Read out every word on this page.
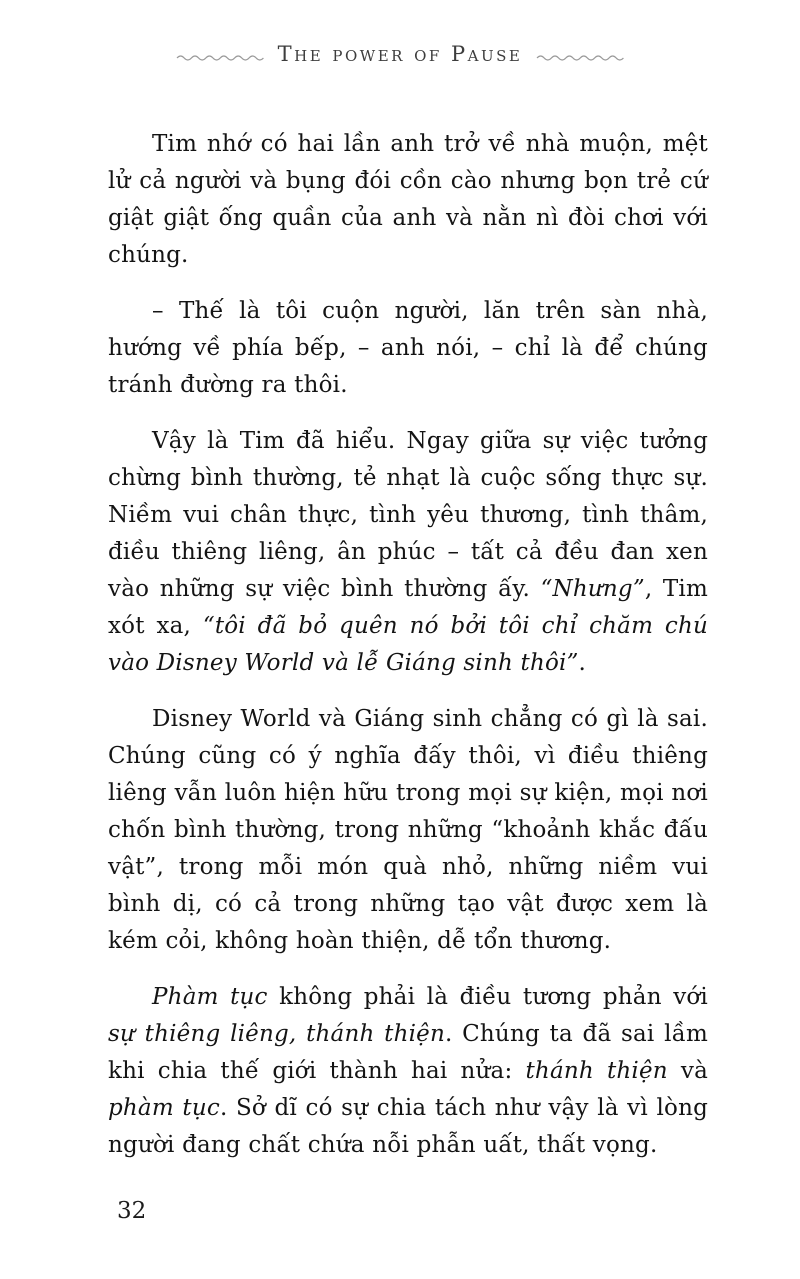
The power of Pause

Tim nhớ có hai lần anh trở về nhà muộn, mệt lử cả người và bụng đói cồn cào nhưng bọn trẻ cứ giật giật ống quần của anh và nằn nì đòi chơi với chúng.

– Thế là tôi cuộn người, lăn trên sàn nhà, hướng về phía bếp, – anh nói, – chỉ là để chúng tránh đường ra thôi.

Vậy là Tim đã hiểu. Ngay giữa sự việc tưởng chừng bình thường, tẻ nhạt là cuộc sống thực sự. Niềm vui chân thực, tình yêu thương, tình thâm, điều thiêng liêng, ân phúc – tất cả đều đan xen vào những sự việc bình thường ấy. “Nhưng”, Tim xót xa, “tôi đã bỏ quên nó bởi tôi chỉ chăm chú vào Disney World và lễ Giáng sinh thôi”.

Disney World và Giáng sinh chẳng có gì là sai. Chúng cũng có ý nghĩa đấy thôi, vì điều thiêng liêng vẫn luôn hiện hữu trong mọi sự kiện, mọi nơi chốn bình thường, trong những “khoảnh khắc đấu vật”, trong mỗi món quà nhỏ, những niềm vui bình dị, có cả trong những tạo vật được xem là kém cỏi, không hoàn thiện, dễ tổn thương.

Phàm tục không phải là điều tương phản với sự thiêng liêng, thánh thiện. Chúng ta đã sai lầm khi chia thế giới thành hai nửa: thánh thiện và phàm tục. Sở dĩ có sự chia tách như vậy là vì lòng người đang chất chứa nỗi phẫn uất, thất vọng.

32
